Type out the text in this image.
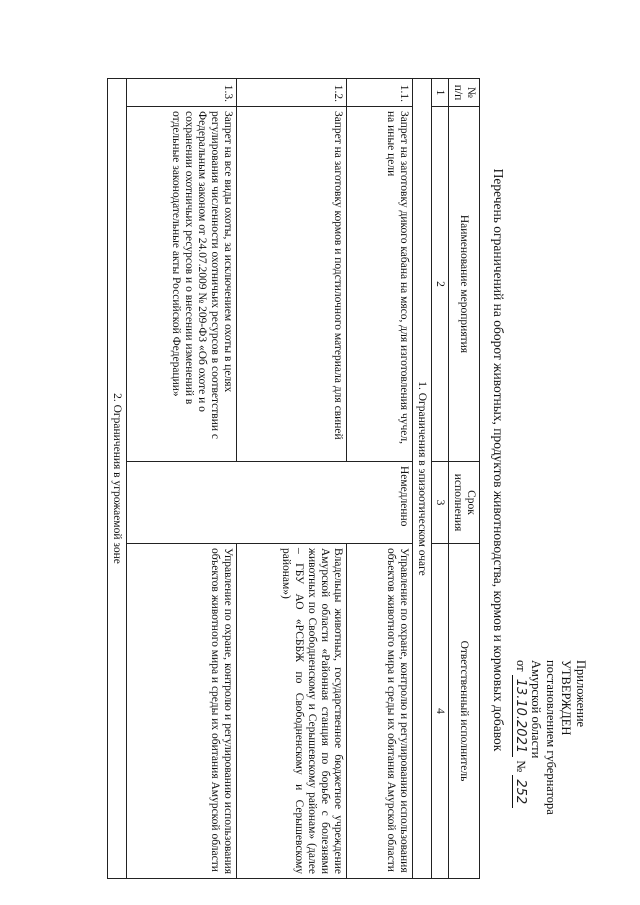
Приложение
УТВЕРЖДЕН
постановлением губернатора
Амурской области
от 13.10.2021 № 252
Перечень ограничений на оборот животных, продуктов животноводства, кормов и кормовых добавок
№ п/п	Наименование мероприятия	Срок исполнения	Ответственный исполнитель
1	2	3	4
1. Ограничения в эпизоотическом очаге			
1.1.	Запрет на заготовку дикого кабана на мясо, для изготовления чучел, на иные цели	Немедленно	Управление по охране, контролю и регулированию использования объектов животного мира и среды их обитания Амурской области
1.2.	Запрет на заготовку кормов и подстилочного материала для свиней		Владельцы животных, государственное бюджетное учреждение Амурской области «Районная станция по борьбе с болезнями животных по Свободненскому и Серышевскому районам» (далее – ГБУ АО «РСББЖ по Свободненскому и Серышевскому районам»)
1.3.	Запрет на все виды охоты, за исключением охоты в целях регулирования численности охотничьих ресурсов в соответствии с Федеральным законом от 24.07.2009 № 209-ФЗ «Об охоте и о сохранении охотничьих ресурсов и о внесении изменений в отдельные законодательные акты Российской Федерации»		Управление по охране, контролю и регулированию использования объектов животного мира и среды их обитания Амурской области
2. Ограничения в угрожаемой зоне			
